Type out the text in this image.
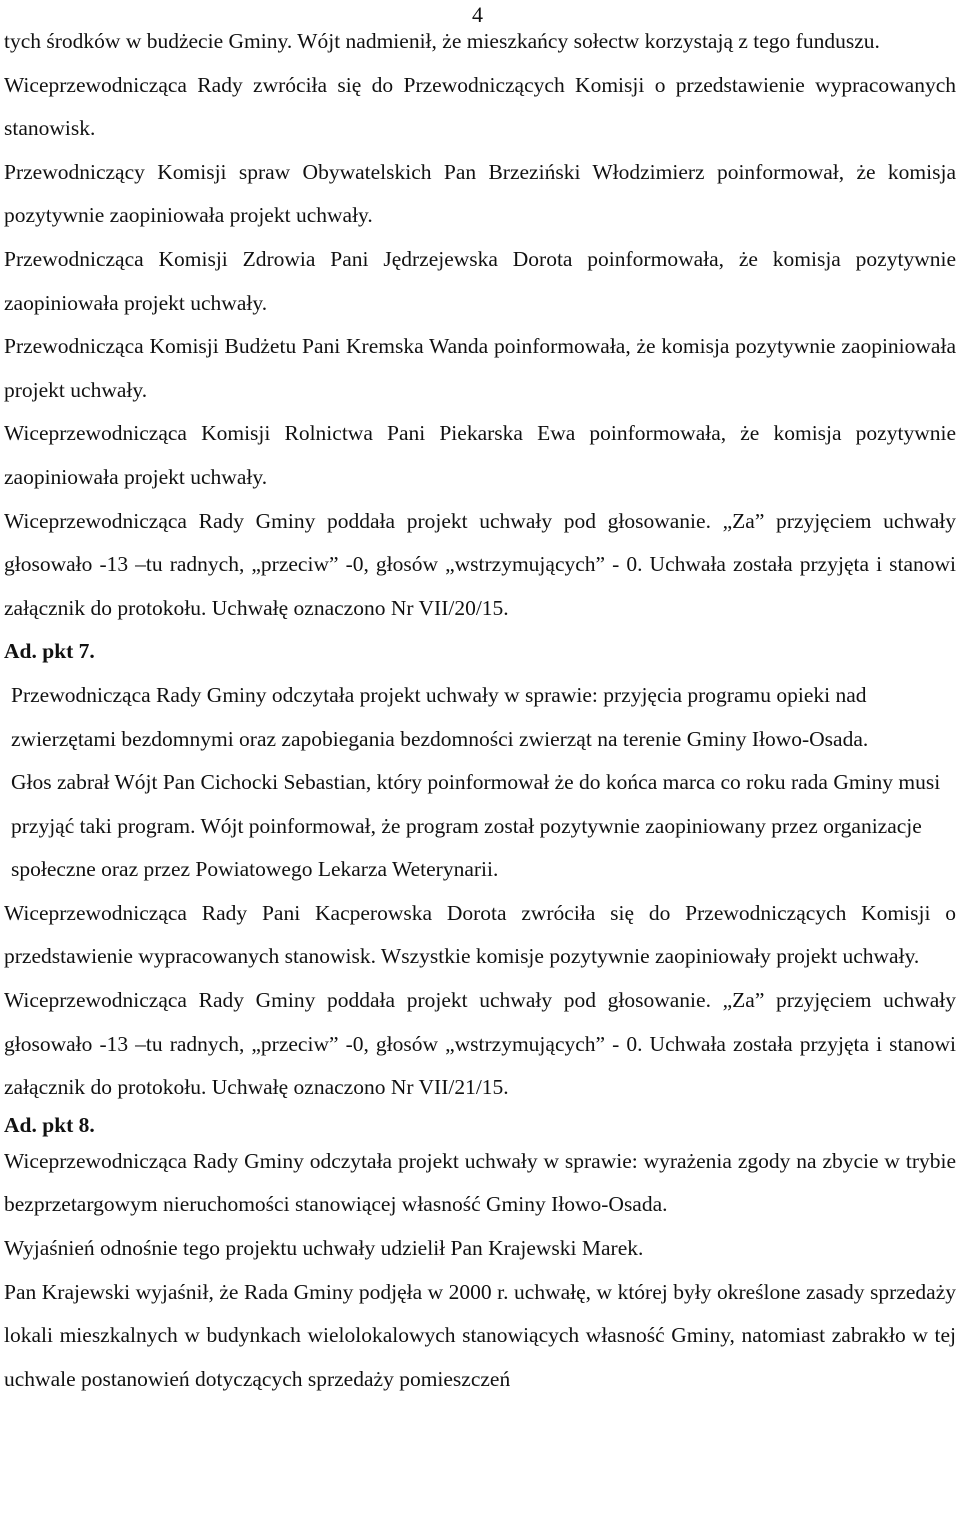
4

tych środków w budżecie Gminy. Wójt nadmienił, że mieszkańcy sołectw korzystają z tego funduszu.

Wiceprzewodnicząca Rady zwróciła się do Przewodniczących Komisji o przedstawienie wypracowanych stanowisk.

Przewodniczący Komisji spraw Obywatelskich Pan Brzeziński Włodzimierz poinformował, że komisja pozytywnie zaopiniowała projekt uchwały.

Przewodnicząca Komisji Zdrowia Pani Jędrzejewska Dorota poinformowała, że komisja pozytywnie zaopiniowała projekt uchwały.

Przewodnicząca Komisji Budżetu Pani Kremska Wanda poinformowała, że komisja pozytywnie zaopiniowała projekt uchwały.

Wiceprzewodnicząca Komisji Rolnictwa Pani Piekarska Ewa poinformowała, że komisja pozytywnie zaopiniowała projekt uchwały.

Wiceprzewodnicząca Rady Gminy poddała projekt uchwały pod głosowanie. „Za” przyjęciem uchwały głosowało -13 –tu radnych, „przeciw” -0, głosów „wstrzymujących” - 0. Uchwała została przyjęta i stanowi załącznik do protokołu. Uchwałę oznaczono Nr VII/20/15.

Ad. pkt 7.

Przewodnicząca Rady Gminy odczytała projekt uchwały w sprawie: przyjęcia programu opieki nad zwierzętami bezdomnymi oraz zapobiegania bezdomności zwierząt na terenie Gminy Iłowo-Osada.

Głos zabrał Wójt Pan Cichocki Sebastian, który poinformował że do końca marca co roku rada Gminy musi przyjąć taki program. Wójt poinformował, że program został pozytywnie zaopiniowany przez organizacje społeczne oraz przez Powiatowego Lekarza Weterynarii.

Wiceprzewodnicząca Rady Pani Kacperowska Dorota zwróciła się do Przewodniczących Komisji o przedstawienie wypracowanych stanowisk. Wszystkie komisje pozytywnie zaopiniowały projekt uchwały.

Wiceprzewodnicząca Rady Gminy poddała projekt uchwały pod głosowanie. „Za” przyjęciem uchwały głosowało -13 –tu radnych, „przeciw” -0, głosów „wstrzymujących” - 0. Uchwała została przyjęta i stanowi załącznik do protokołu. Uchwałę oznaczono Nr VII/21/15.

Ad. pkt 8.

Wiceprzewodnicząca Rady Gminy odczytała projekt uchwały w sprawie: wyrażenia zgody na zbycie w trybie bezprzetargowym nieruchomości stanowiącej własność Gminy Iłowo-Osada.

Wyjaśnień odnośnie tego projektu uchwały udzielił Pan Krajewski Marek.

Pan Krajewski wyjaśnił, że Rada Gminy podjęła w 2000 r. uchwałę, w której były określone zasady sprzedaży lokali mieszkalnych w budynkach wielolokalowych stanowiących własność Gminy, natomiast zabrakło w tej uchwale postanowień dotyczących sprzedaży pomieszczeń
